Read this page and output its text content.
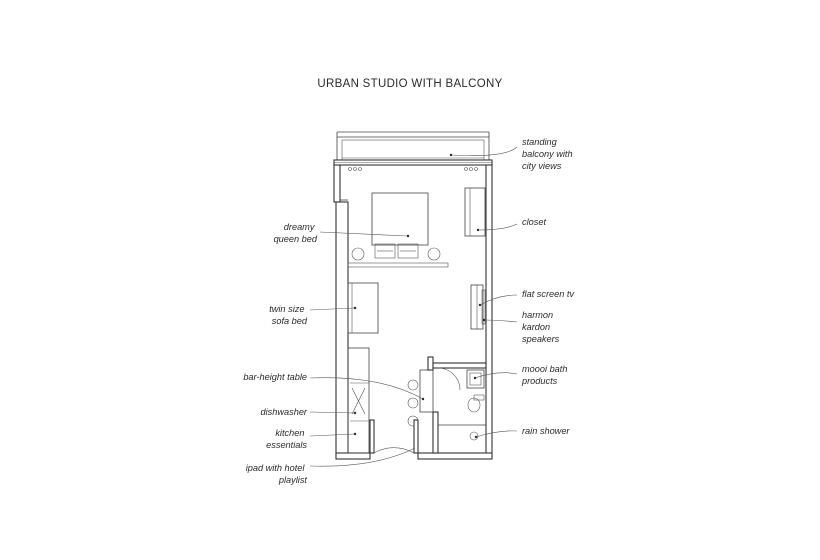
URBAN STUDIO WITH BALCONY
dreamy queen bed
twin size sofa bed
bar-height table
dishwasher
kitchen essentials
ipad with hotel playlist
standing balcony with city views
closet
flat screen tv
harmon kardon speakers
moooi bath products
rain shower
